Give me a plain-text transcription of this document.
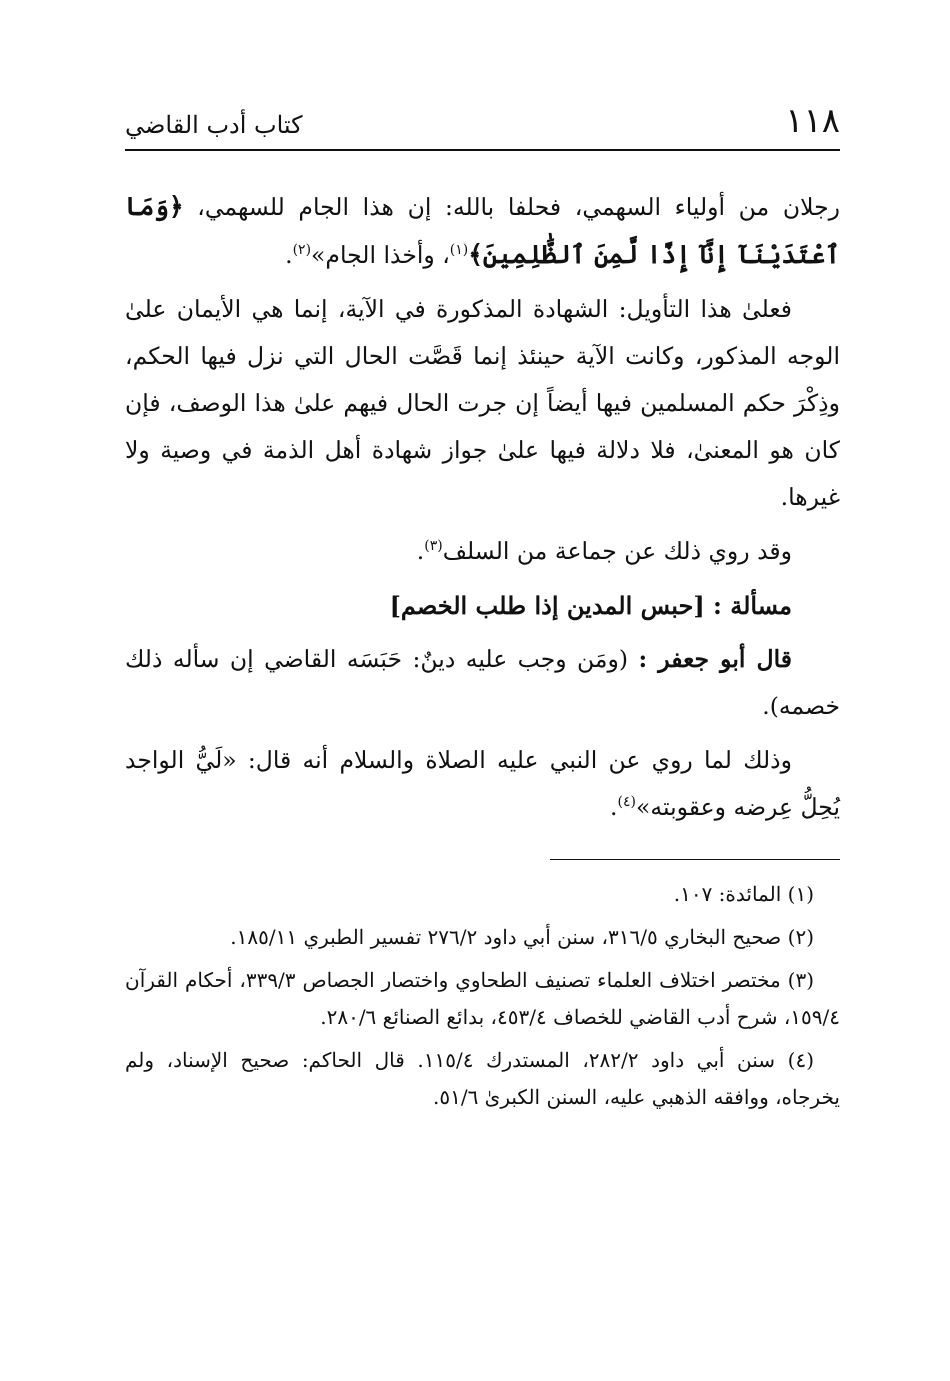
١١٨
كتاب أدب القاضي

رجلان من أولياء السهمي، فحلفا بالله: إن هذا الجام للسهمي، ﴿وَمَا ٱعْتَدَيْنَآ إِنَّآ إِذًا لَّمِنَ ٱلظَّٰلِمِينَ﴾$^{(١)}$، وأخذا الجام»$^{(٢)}$.

فعلىٰ هذا التأويل: الشهادة المذكورة في الآية، إنما هي الأيمان علىٰ الوجه المذكور، وكانت الآية حينئذ إنما قَصَّت الحال التي نزل فيها الحكم، وذِكْرَ حكم المسلمين فيها أيضاً إن جرت الحال فيهم علىٰ هذا الوصف، فإن كان هو المعنىٰ، فلا دلالة فيها علىٰ جواز شهادة أهل الذمة في وصية ولا غيرها.

وقد روي ذلك عن جماعة من السلف$^{(٣)}$.

مسألة : [حبس المدين إذا طلب الخصم]

قال أبو جعفر : (ومَن وجب عليه دينٌ: حَبَسَه القاضي إن سأله ذلك خصمه).

وذلك لما روي عن النبي عليه الصلاة والسلام أنه قال: «لَيُّ الواجد يُحِلُّ عِرضه وعقوبته»$^{(٤)}$.

(١) المائدة: ١٠٧.

(٢) صحيح البخاري ٣١٦/٥، سنن أبي داود ٢٧٦/٢ تفسير الطبري ١٨٥/١١.

(٣) مختصر اختلاف العلماء تصنيف الطحاوي واختصار الجصاص ٣٣٩/٣، أحكام القرآن ١٥٩/٤، شرح أدب القاضي للخصاف ٤٥٣/٤، بدائع الصنائع ٢٨٠/٦.

(٤) سنن أبي داود ٢٨٢/٢، المستدرك ١١٥/٤. قال الحاكم: صحيح الإسناد، ولم يخرجاه، ووافقه الذهبي عليه، السنن الكبرىٰ ٥١/٦.
